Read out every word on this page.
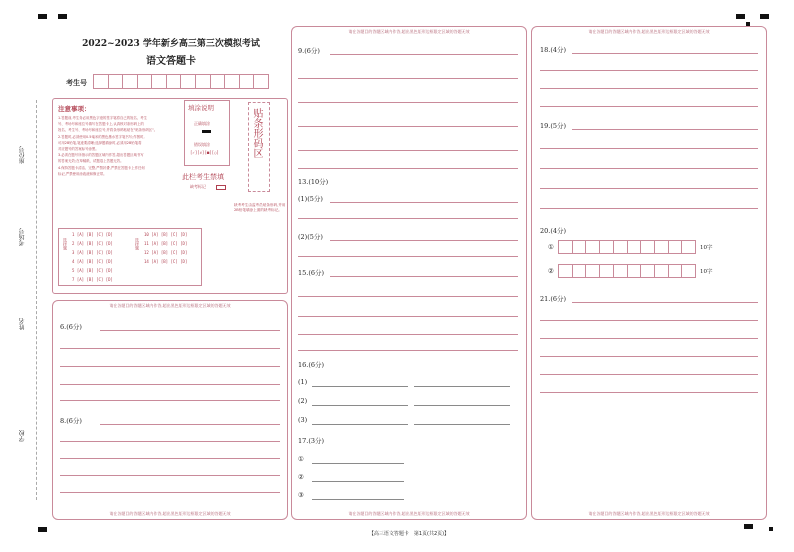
座位号
考场号
姓名
学校
2022~2023 学年新乡高三第三次模拟考试
语文答题卡
考生号
注意事项：
1.答题前,考生务必用黑色字迹的签字笔将自己的姓名、考生
号、考场号和座位号填写在答题卡上,认真核对条形码上的
姓名、考生号、考场号和座位号,并将条形码粘贴在"贴条形码区"。
2.答题时,必须使用0.5毫米的黑色墨水签字笔书写;作图时,
可用2B铅笔,笔迹要清晰;选择题填涂时,必须用2B铅笔将
对应题号的答案标号涂黑。
3.必须在题号所指示的答题区域内作答,超出答题区域书写
的答案无效;在草稿纸、试题卷上答题无效。
4.保持答题卡清洁、完整,严禁折叠,严禁在答题卡上作任何
标记,严禁使用涂改液和修正带。
填涂说明
正确填涂
错误填涂
[✓][✗][■][○]	贴条形码区
此栏考生禁填
缺考标记
缺考考生由监考员贴条形码,并用2B铅笔填涂上面的缺考标记。
选择题
1 [A] [B] [C] [D]
2 [A] [B] [C] [D]
3 [A] [B] [C] [D]
4 [A] [B] [C] [D]
5 [A] [B] [C] [D]
7 [A] [B] [C] [D]
选择题
10 [A] [B] [C] [D]
11 [A] [B] [C] [D]
12 [A] [B] [C] [D]
14 [A] [B] [C] [D]
请在各题目的答题区域内作答,超出黑色矩形边框限定区域的答题无效
6.(6分)
8.(6分)
请在各题目的答题区域内作答,超出黑色矩形边框限定区域的答题无效
请在各题目的答题区域内作答,超出黑色矩形边框限定区域的答题无效
9.(6分)
13.(10分)
(1)(5分)
(2)(5分)
15.(6分)
16.(6分)
(1)
(2)
(3)
17.(3分)
①
②
③
请在各题目的答题区域内作答,超出黑色矩形边框限定区域的答题无效
请在各题目的答题区域内作答,超出黑色矩形边框限定区域的答题无效
18.(4分)
19.(5分)
20.(4分)
①	10字
②	10字
21.(6分)
请在各题目的答题区域内作答,超出黑色矩形边框限定区域的答题无效
【高三语文答题卡　第1页(共2页)】
